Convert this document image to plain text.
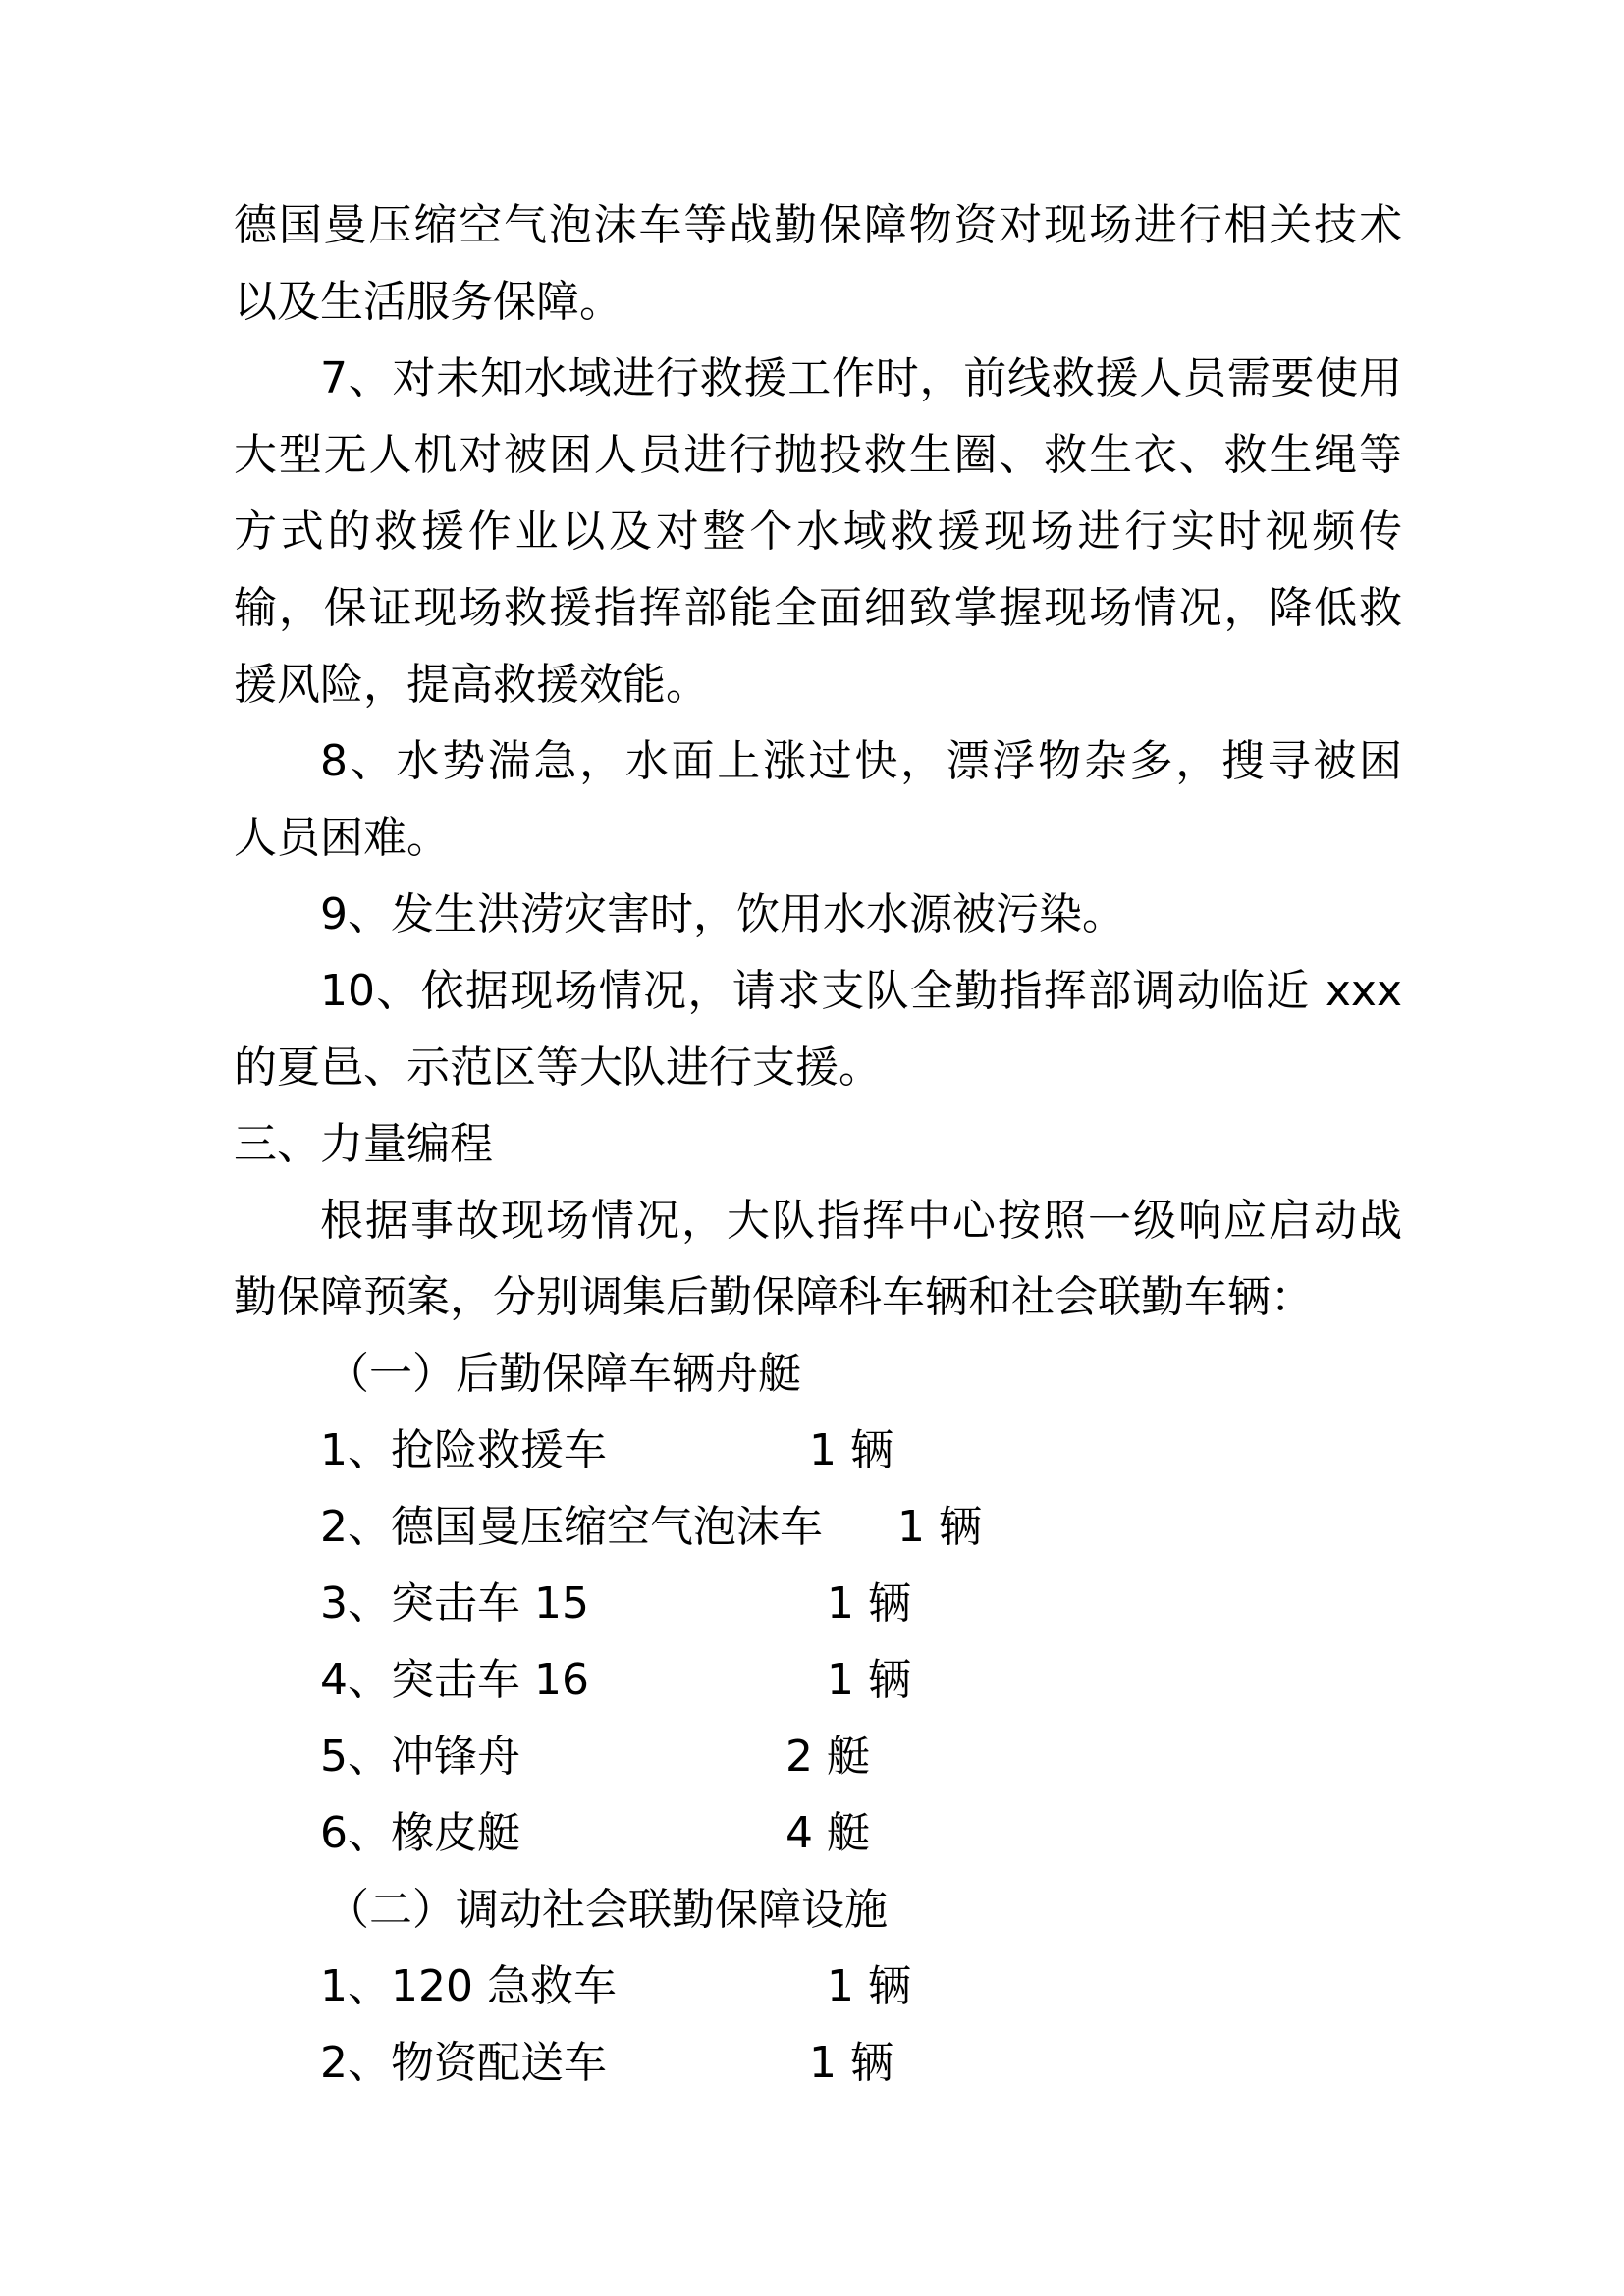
德国曼压缩空气泡沫车等战勤保障物资对现场进行相关技术
以及生活服务保障。
7、对未知水域进行救援工作时，前线救援人员需要使用
大型无人机对被困人员进行抛投救生圈、救生衣、救生绳等
方式的救援作业以及对整个水域救援现场进行实时视频传
输，保证现场救援指挥部能全面细致掌握现场情况，降低救
援风险，提高救援效能。
8、水势湍急，水面上涨过快，漂浮物杂多，搜寻被困
人员困难。
9、发生洪涝灾害时，饮用水水源被污染。
10、依据现场情况，请求支队全勤指挥部调动临近 xxx
的夏邑、示范区等大队进行支援。
三、力量编程
根据事故现场情况，大队指挥中心按照一级响应启动战
勤保障预案，分别调集后勤保障科车辆和社会联勤车辆：
（一）后勤保障车辆舟艇
1、抢险救援车	1 辆
2、德国曼压缩空气泡沫车 1 辆
3、突击车 15	1 辆
4、突击车 16	1 辆
5、冲锋舟	2 艇
6、橡皮艇	4 艇
（二）调动社会联勤保障设施
1、120 急救车	1 辆
2、物资配送车	1 辆
